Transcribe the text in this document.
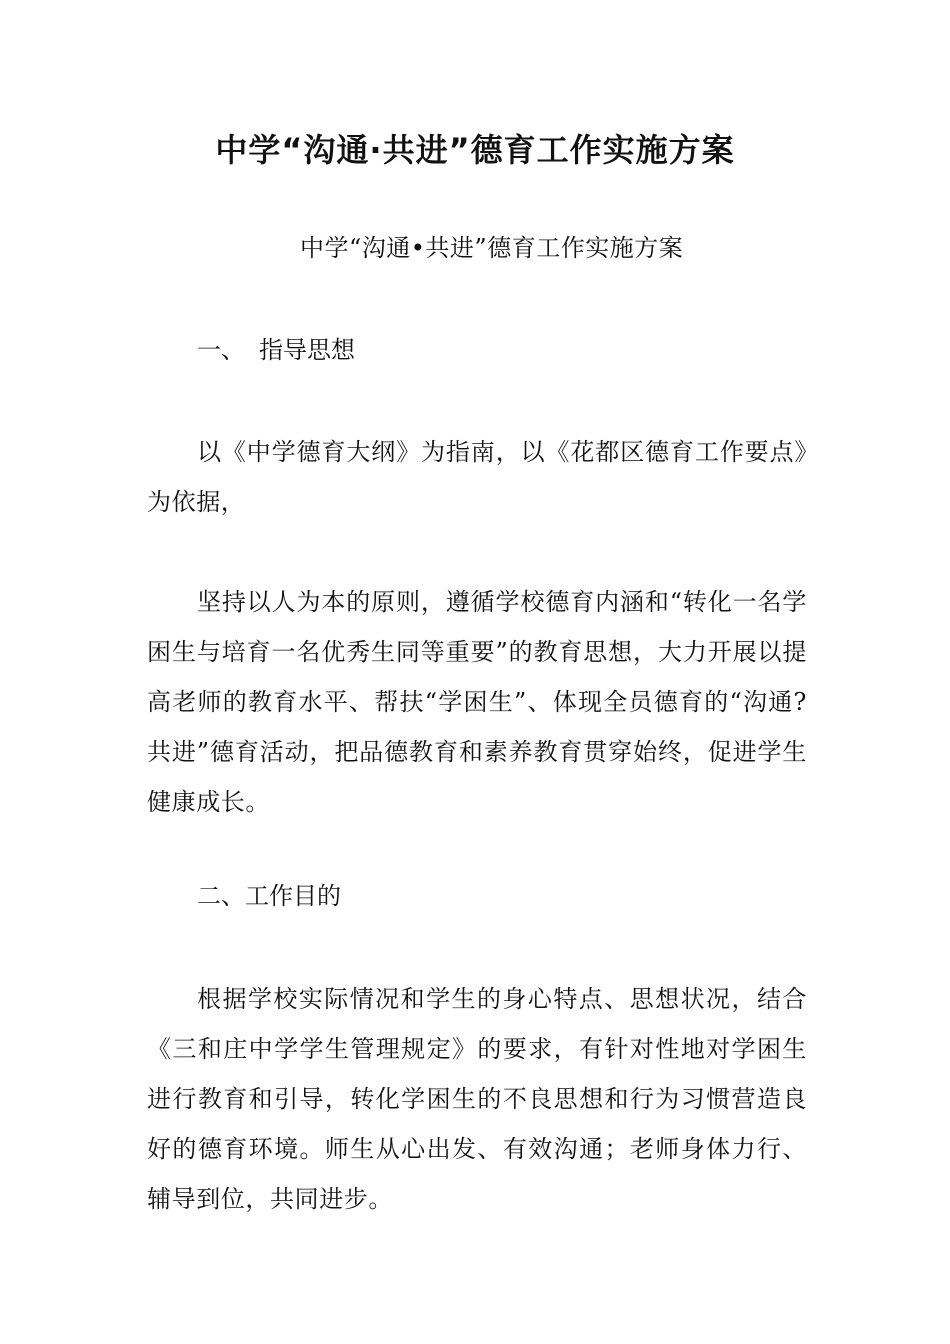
中学“沟通·共进”德育工作实施方案

中学“沟通•共进”德育工作实施方案

一、 指导思想

以《中学德育大纲》为指南，以《花都区德育工作要点》为依据，

坚持以人为本的原则，遵循学校德育内涵和“转化一名学困生与培育一名优秀生同等重要”的教育思想，大力开展以提高老师的教育水平、帮扶“学困生”、体现全员德育的“沟通?共进”德育活动，把品德教育和素养教育贯穿始终，促进学生健康成长。

二、工作目的

根据学校实际情况和学生的身心特点、思想状况，结合《三和庄中学学生管理规定》的要求，有针对性地对学困生进行教育和引导，转化学困生的不良思想和行为习惯营造良好的德育环境。师生从心出发、有效沟通；老师身体力行、辅导到位，共同进步。
